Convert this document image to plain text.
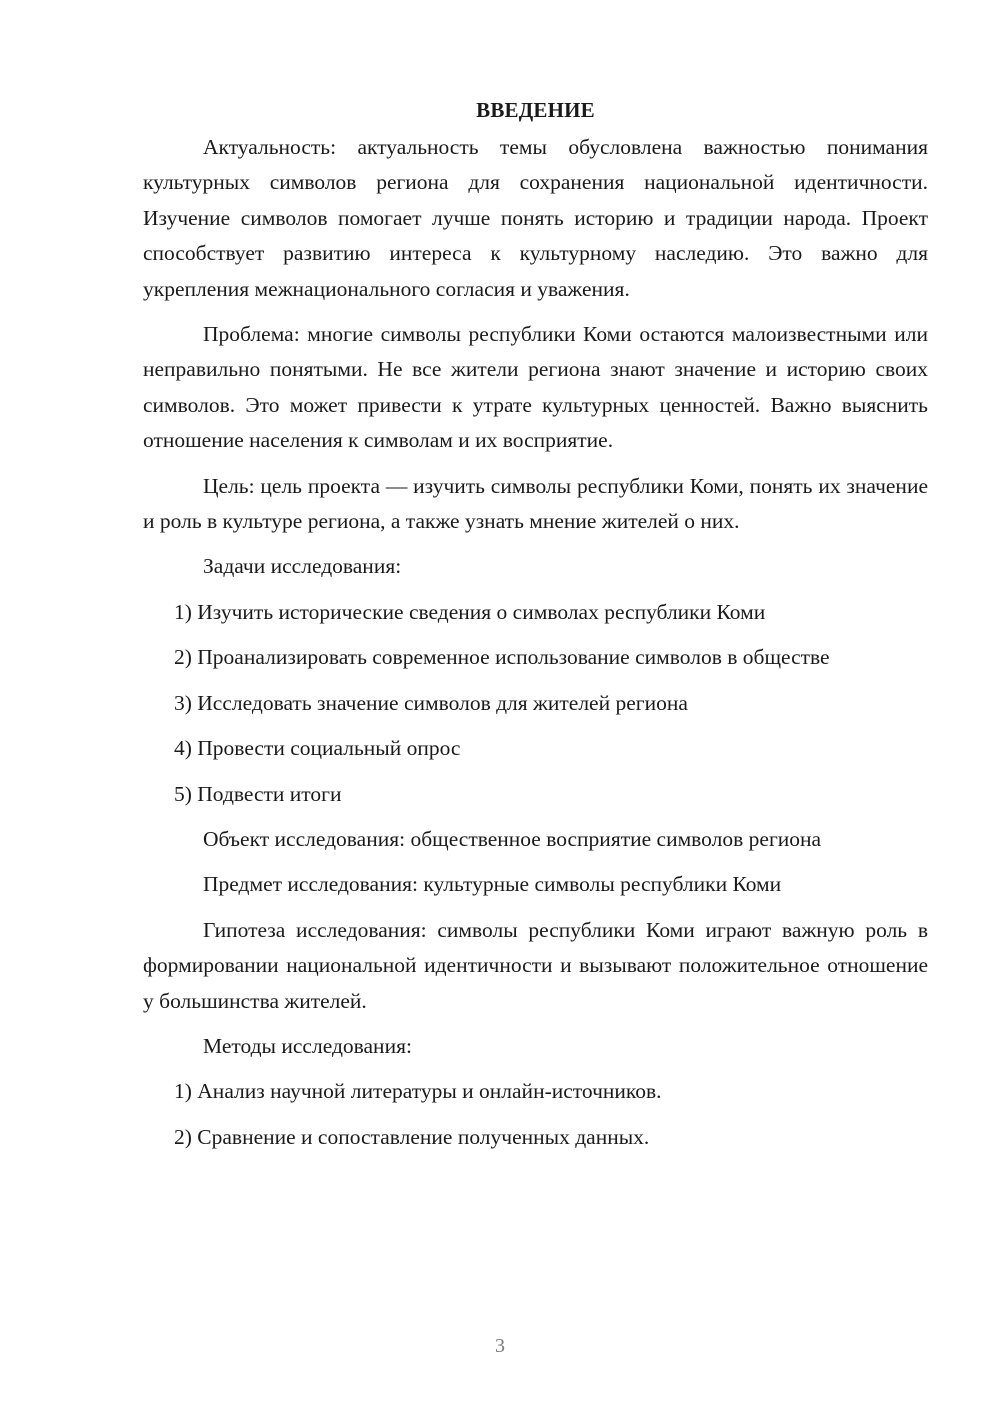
ВВЕДЕНИЕ

Актуальность: актуальность темы обусловлена важностью понимания культурных символов региона для сохранения национальной идентичности. Изучение символов помогает лучше понять историю и традиции народа. Проект способствует развитию интереса к культурному наследию. Это важно для укрепления межнационального согласия и уважения.

Проблема: многие символы республики Коми остаются малоизвестными или неправильно понятыми. Не все жители региона знают значение и историю своих символов. Это может привести к утрате культурных ценностей. Важно выяснить отношение населения к символам и их восприятие.

Цель: цель проекта — изучить символы республики Коми, понять их значение и роль в культуре региона, а также узнать мнение жителей о них.

Задачи исследования:

1) Изучить исторические сведения о символах республики Коми

2) Проанализировать современное использование символов в обществе

3) Исследовать значение символов для жителей региона

4) Провести социальный опрос

5) Подвести итоги

Объект исследования: общественное восприятие символов региона

Предмет исследования: культурные символы республики Коми

Гипотеза исследования: символы республики Коми играют важную роль в формировании национальной идентичности и вызывают положительное отношение у большинства жителей.

Методы исследования:

1) Анализ научной литературы и онлайн-источников.

2) Сравнение и сопоставление полученных данных.

3
